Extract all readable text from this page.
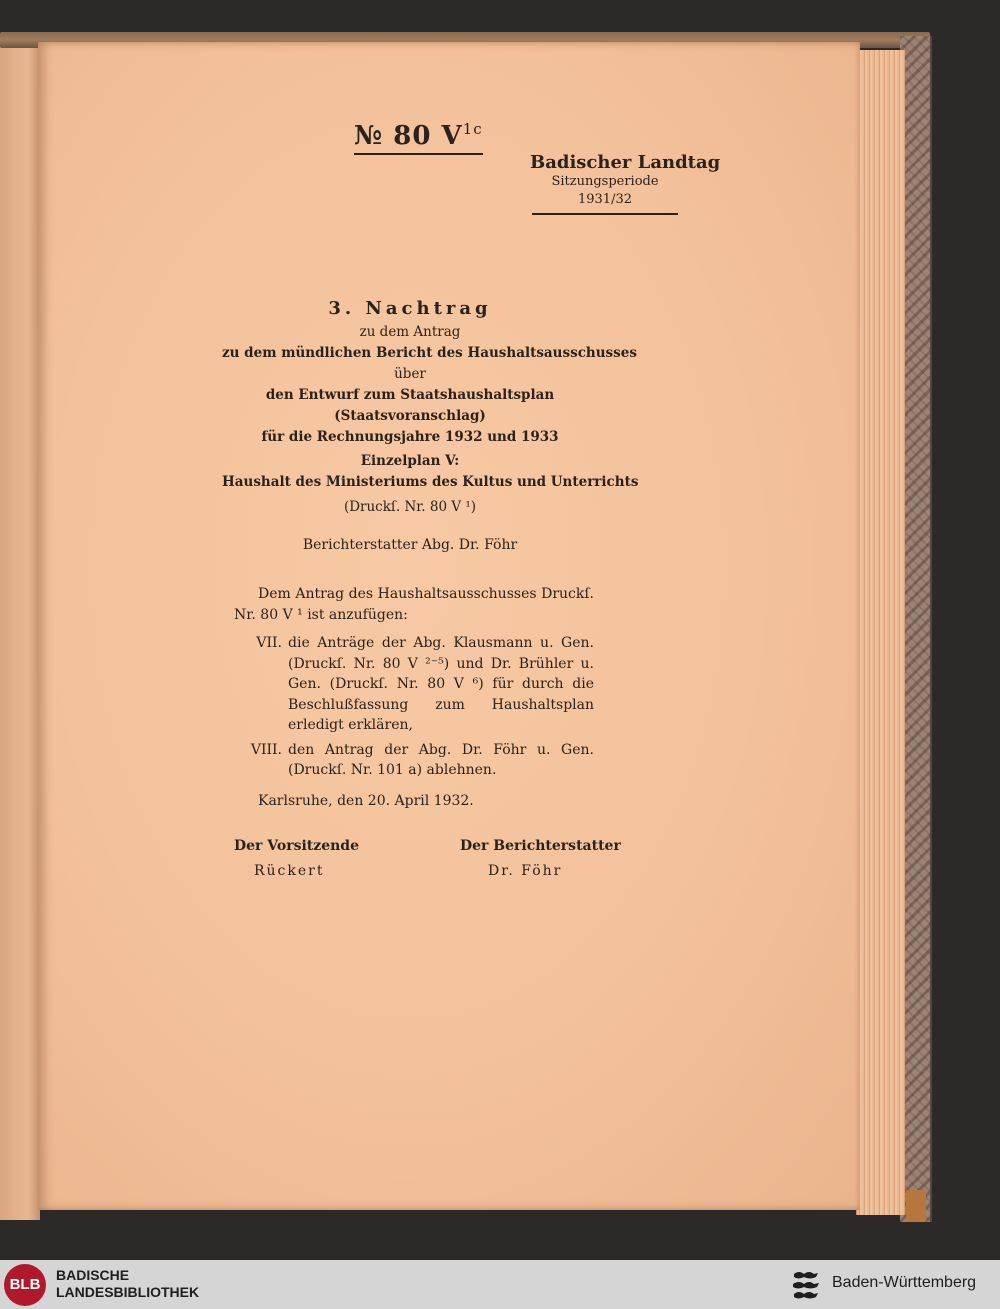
№ 80 $V^{1c}$
Badischer Landtag
Sitzungsperiode
1931/32
3. Nachtrag
zu dem Antrag
zu dem mündlichen Bericht des Haushaltsausschusses
über
den Entwurf zum Staatshaushaltsplan
(Staatsvoranschlag)
für die Rechnungsjahre 1932 und 1933
Einzelplan V:
Haushalt des Ministeriums des Kultus und Unterrichts
(Druckſ. Nr. 80 V ¹)
Berichterstatter Abg. Dr. Föhr

Dem Antrag des Haushaltsausschusses Druckſ. Nr. 80 V ¹ ist anzufügen:

VII. die Anträge der Abg. Klausmann u. Gen. (Druckſ. Nr. 80 V ²⁻⁵) und Dr. Brühler u. Gen. (Druckſ. Nr. 80 V ⁶) für durch die Beschlußfassung zum Haushaltsplan erledigt erklären,
VIII. den Antrag der Abg. Dr. Föhr u. Gen. (Druckſ. Nr. 101 a) ablehnen.
Karlsruhe, den 20. April 1932.
Der Vorsitzende
Rückert
Der Berichterstatter
Dr. Föhr
BLB
BADISCHE
LANDESBIBLIOTHEK
Baden-Württemberg
